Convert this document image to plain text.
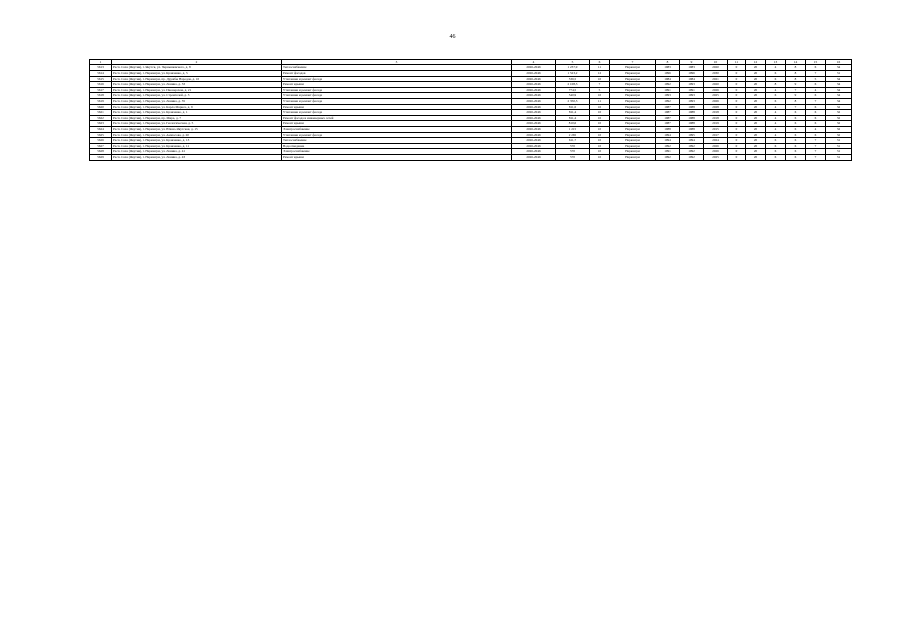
46
1	2	3	4	5	6	7	8	9	10	11	12	13	14	15	16
5613	Респ. Саха (Якутия), г. Якутск, ул. Чернышевского, д. 8	Теплоснабжение	2026-2046	1 237,9	11	Нерюнгри	1983	1983	2020	0	20	4	8	6	34
5614	Респ. Саха (Якутия), г. Нерюнгри, ул. Кравченко, д. 5	Ремонт фасадов	2026-2046	1 523,2	12	Нерюнгри	1996	1996	2030	0	20	6	8	7	31
5615	Респ. Саха (Якутия), г. Нерюнгри, пр. Дружбы Народов, д. 10	Утепление и ремонт фасада	2026-2046	536,5	10	Нерюнгри	1984	1984	2021	0	20	6	8	5	34
5616	Респ. Саха (Якутия), г. Нерюнгри, ул. Ленина, д. 33	Ремонт крыши	2026-2046	2 108,3	7	Нерюнгри	1992	1993	2020	0	20	8	9	6	34
5617	Респ. Саха (Якутия), г. Нерюнгри, ул. Пионерская, д. 21	Утепление и ремонт фасада	2026-2046	774,5	5	Нерюнгри	1991	1991	2026	0	20	4	7	4	34
5618	Респ. Саха (Якутия), г. Нерюнгри, ул. Строителей, д. 3	Утепление и ремонт фасада	2026-2046	540,9	10	Нерюнгри	1993	1993	2025	0	20	6	9	6	34
5619	Респ. Саха (Якутия), г. Нерюнгри, ул. Ленина, д. 35	Утепление и ремонт фасада	2026-2046	2 350,3	11	Нерюнгри	1992	1993	2026	0	20	6	8	7	34
5620	Респ. Саха (Якутия), г. Нерюнгри, ул. Карла Маркса, д. 9	Ремонт крыши	2026-2046	811,6	10	Нерюнгри	1987	1988	2028	0	20	4	7	6	32
5621	Респ. Саха (Якутия), г. Нерюнгри, ул. Кравченко, д. 1	Утепление и ремонт фасада	2026-2046	811,4	10	Нерюнгри	1987	1988	2018	0	20	4	6	6	32
5622	Респ. Саха (Якутия), г. Нерюнгри, пр. Мира, д. 7	Ремонт фасада и инженерных сетей	2026-2046	811,4	10	Нерюнгри	1987	1988	2018	0	20	4	6	6	32
5623	Респ. Саха (Якутия), г. Нерюнгри, ул. Геологическая, д. 5	Ремонт крыши	2026-2046	810,6	10	Нерюнгри	1987	1988	2019	0	20	4	6	6	32
5624	Респ. Саха (Якутия), г. Нерюнгри, ул. Южно-Якутская, д. 15	Электроснабжение	2026-2046	1 215	10	Нерюнгри	1988	1988	2015	0	20	4	6	4	32
5625	Респ. Саха (Якутия), г. Нерюнгри, ул. Аммосова, д. 20	Утепление и ремонт фасада	2026-2046	2 265	10	Нерюнгри	1994	1995	2017	0	20	4	6	6	32
5626	Респ. Саха (Якутия), г. Нерюнгри, ул. Кравченко, д. 13	Теплоснабжение	2026-2046	611,7	10	Нерюнгри	1994	1994	2024	0	20	6	6	7	31
5627	Респ. Саха (Якутия), г. Нерюнгри, ул. Кравченко, д. 11	Водоотведение	2026-2046	570	10	Нерюнгри	1992	1992	2026	0	20	6	6	7	31
5628	Респ. Саха (Якутия), г. Нерюнгри, ул. Ленина, д. 41	Электроснабжение	2026-2046	570	10	Нерюнгри	1991	1992	2026	0	20	6	6	7	31
5629	Респ. Саха (Якутия), г. Нерюнгри, ул. Ленина, д. 43	Ремонт крыши	2026-2046	570	10	Нерюнгри	1992	1992	2025	0	20	6	6	7	31
